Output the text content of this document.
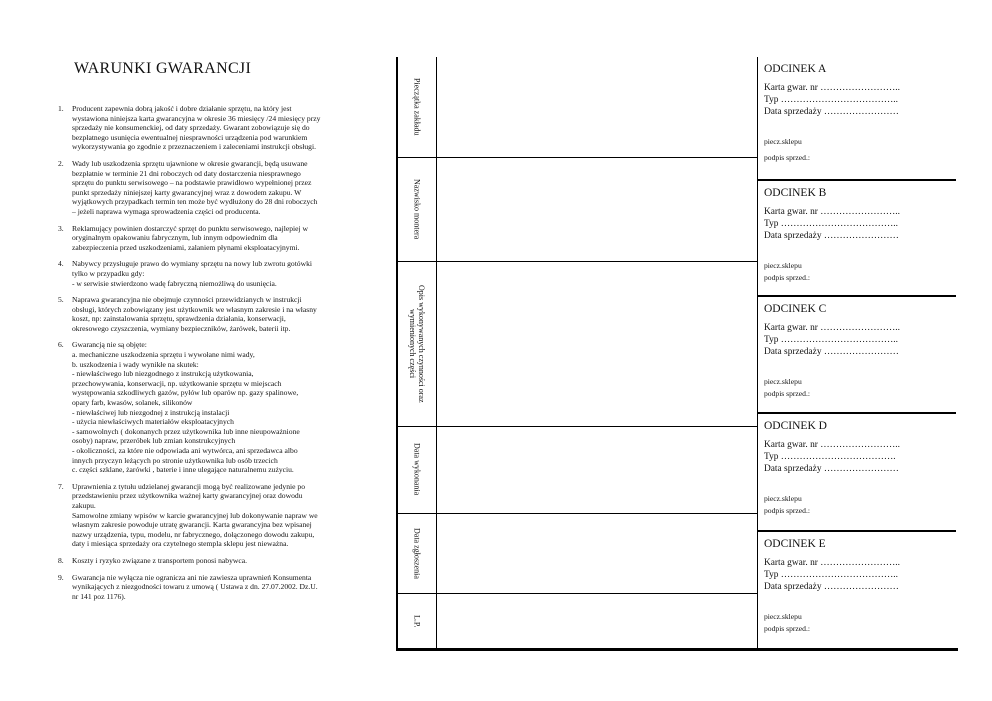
WARUNKI GWARANCJI
1. Producent zapewnia dobrą jakość i dobre działanie sprzętu, na który jest
wystawiona niniejsza karta gwarancyjna w okresie 36 miesięcy /24 miesięcy przy
sprzedaży nie konsumenckiej, od daty sprzedaży. Gwarant zobowiązuje się do
bezpłatnego usunięcia ewentualnej niesprawności urządzenia pod warunkiem
wykorzystywania go zgodnie z przeznaczeniem i zaleceniami instrukcji obsługi.
2. Wady lub uszkodzenia sprzętu ujawnione w okresie gwarancji, będą usuwane
bezpłatnie w terminie 21 dni roboczych od daty dostarczenia niesprawnego
sprzętu do punktu serwisowego – na podstawie prawidłowo wypełnionej przez
punkt sprzedaży niniejszej karty gwarancyjnej wraz z dowodem zakupu. W
wyjątkowych przypadkach termin ten może być wydłużony do 28 dni roboczych
– jeżeli naprawa wymaga sprowadzenia części od producenta.
3. Reklamujący powinien dostarczyć sprzęt do punktu serwisowego, najlepiej w
oryginalnym opakowaniu fabrycznym, lub innym odpowiednim dla
zabezpieczenia przed uszkodzeniami, zalaniem płynami eksploatacyjnymi.
4. Nabywcy przysługuje prawo do wymiany sprzętu na nowy lub zwrotu gotówki
tylko w przypadku gdy:
- w serwisie stwierdzono wadę fabryczną niemożliwą do usunięcia.
5. Naprawa gwarancyjna nie obejmuje czynności przewidzianych w instrukcji
obsługi, których zobowiązany jest użytkownik we własnym zakresie i na własny
koszt, np: zainstalowania sprzętu, sprawdzenia działania, konserwacji,
okresowego czyszczenia, wymiany bezpieczników, żarówek, baterii itp.
6. Gwarancją nie są objęte:
a. mechaniczne uszkodzenia sprzętu i wywołane nimi wady,
b. uszkodzenia i wady wynikłe na skutek:
- niewłaściwego lub niezgodnego z instrukcją użytkowania,
przechowywania, konserwacji, np. użytkowanie sprzętu w miejscach
występowania szkodliwych gazów, pyłów lub oparów np. gazy spalinowe,
opary farb, kwasów, solanek, silikonów
- niewłaściwej lub niezgodnej z instrukcją instalacji
- użycia niewłaściwych materiałów eksploatacyjnych
- samowolnych ( dokonanych przez użytkownika lub inne nieupoważnione
osoby) napraw, przeróbek lub zmian konstrukcyjnych
- okoliczności, za które nie odpowiada ani wytwórca, ani sprzedawca albo
innych przyczyn leżących po stronie użytkownika lub osób trzecich
c. części szklane, żarówki , baterie i inne ulegające naturalnemu zużyciu.
7. Uprawnienia z tytułu udzielanej gwarancji mogą być realizowane jedynie po
przedstawieniu przez użytkownika ważnej karty gwarancyjnej oraz dowodu
zakupu.
Samowolne zmiany wpisów w karcie gwarancyjnej lub dokonywanie napraw we
własnym zakresie powoduje utratę gwarancji. Karta gwarancyjna bez wpisanej
nazwy urządzenia, typu, modelu, nr fabrycznego, dołączonego dowodu zakupu,
daty i miesiąca sprzedaży ora czytelnego stempla sklepu jest nieważna.
8. Koszty i ryzyko związane z transportem ponosi nabywca.
9. Gwarancja nie wyłącza nie ogranicza ani nie zawiesza uprawnień Konsumenta
wynikających z niezgodności towaru z umową ( Ustawa z dn. 27.07.2002. Dz.U.
nr 141 poz 1176).
Pieczątka zakładu
Nazwisko montera
Opis wykonywanych czynności oraz
wymienionych części
Data wykonania
Data zgłoszenia
L.P.
ODCINEK A
Karta gwar. nr ……………………..
Typ ………………………………..
Data sprzedaży ……………………
piecz.sklepu
podpis sprzed.:
ODCINEK B
Karta gwar. nr ……………………..
Typ ………………………………..
Data sprzedaży ……………………
piecz.sklepu
podpis sprzed.:
ODCINEK C
Karta gwar. nr ……………………..
Typ ………………………………..
Data sprzedaży ……………………
piecz.sklepu
podpis sprzed.:
ODCINEK D
Karta gwar. nr ……………………..
Typ ……………………………….
Data sprzedaży ……………………
piecz.sklepu
podpis sprzed.:
ODCINEK E
Karta gwar. nr ……………………..
Typ ………………………………..
Data sprzedaży ……………………
piecz.sklepu
podpis sprzed.:
